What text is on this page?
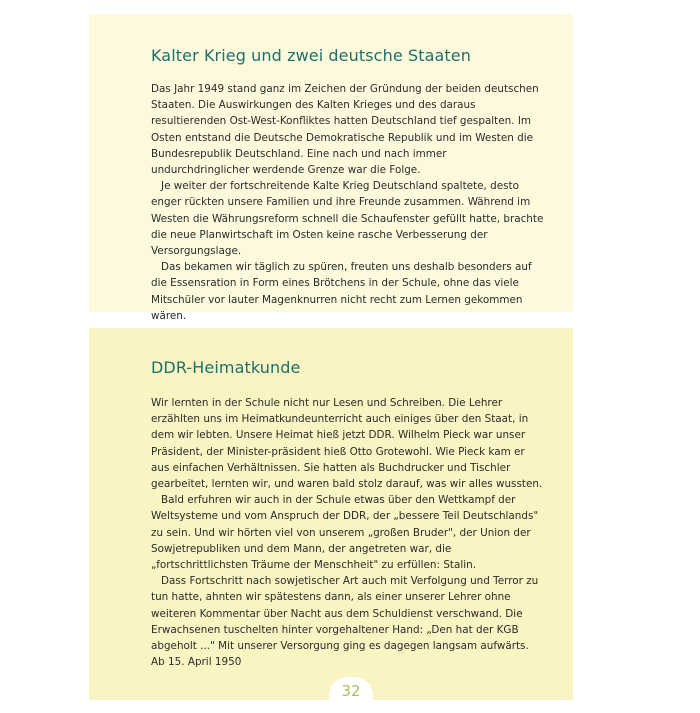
Kalter Krieg und zwei deutsche Staaten

Das Jahr 1949 stand ganz im Zeichen der Gründung der beiden deutschen Staaten. Die Auswirkungen des Kalten Krieges und des daraus resultierenden Ost-West-Konfliktes hatten Deutschland tief gespalten. Im Osten entstand die Deutsche Demokratische Republik und im Westen die Bundesrepublik Deutschland. Eine nach und nach immer undurchdringlicher werdende Grenze war die Folge.

Je weiter der fortschreitende Kalte Krieg Deutschland spaltete, desto enger rückten unsere Familien und ihre Freunde zusammen. Während im Westen die Währungsreform schnell die Schaufenster gefüllt hatte, brachte die neue Planwirtschaft im Osten keine rasche Verbesserung der Versorgungslage.

Das bekamen wir täglich zu spüren, freuten uns deshalb besonders auf die Essensration in Form eines Brötchens in der Schule, ohne das viele Mitschüler vor lauter Magenknurren nicht recht zum Lernen gekommen wären.

DDR-Heimatkunde

Wir lernten in der Schule nicht nur Lesen und Schreiben. Die Lehrer erzählten uns im Heimatkundeunterricht auch einiges über den Staat, in dem wir lebten. Unsere Heimat hieß jetzt DDR. Wilhelm Pieck war unser Präsident, der Minister-präsident hieß Otto Grotewohl. Wie Pieck kam er aus einfachen Verhältnissen. Sie hatten als Buchdrucker und Tischler gearbeitet, lernten wir, und waren bald stolz darauf, was wir alles wussten.

Bald erfuhren wir auch in der Schule etwas über den Wettkampf der Weltsysteme und vom Anspruch der DDR, der „bessere Teil Deutschlands" zu sein. Und wir hörten viel von unserem „großen Bruder", der Union der Sowjetrepubliken und dem Mann, der angetreten war, die „fortschrittlichsten Träume der Menschheit" zu erfüllen: Stalin.

Dass Fortschritt nach sowjetischer Art auch mit Verfolgung und Terror zu tun hatte, ahnten wir spätestens dann, als einer unserer Lehrer ohne weiteren Kommentar über Nacht aus dem Schuldienst verschwand. Die Erwachsenen tuschelten hinter vorgehaltener Hand: „Den hat der KGB abgeholt ..." Mit unserer Versorgung ging es dagegen langsam aufwärts. Ab 15. April 1950

32
